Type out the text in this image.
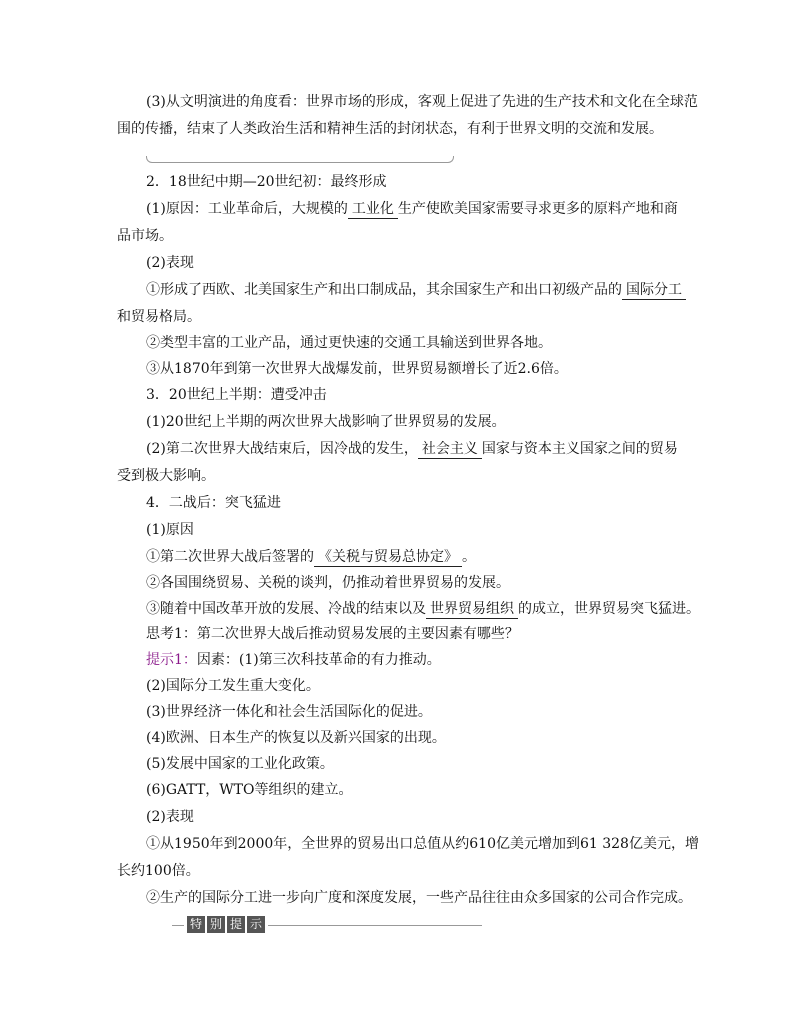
(3)从文明演进的角度看：世界市场的形成，客观上促进了先进的生产技术和文化在全球范
围的传播，结束了人类政治生活和精神生活的封闭状态，有利于世界文明的交流和发展。
2．18世纪中期—20世纪初：最终形成
(1)原因：工业革命后，大规模的 工业化 生产使欧美国家需要寻求更多的原料产地和商
品市场。
(2)表现
①形成了西欧、北美国家生产和出口制成品，其余国家生产和出口初级产品的 国际分工
和贸易格局。
②类型丰富的工业产品，通过更快速的交通工具输送到世界各地。
③从1870年到第一次世界大战爆发前，世界贸易额增长了近2.6倍。
3．20世纪上半期：遭受冲击
(1)20世纪上半期的两次世界大战影响了世界贸易的发展。
(2)第二次世界大战结束后，因冷战的发生， 社会主义 国家与资本主义国家之间的贸易
受到极大影响。
4．二战后：突飞猛进
(1)原因
①第二次世界大战后签署的 《关税与贸易总协定》 。
②各国围绕贸易、关税的谈判，仍推动着世界贸易的发展。
③随着中国改革开放的发展、冷战的结束以及 世界贸易组织 的成立，世界贸易突飞猛进。
思考1：第二次世界大战后推动贸易发展的主要因素有哪些？
提示1：因素：(1)第三次科技革命的有力推动。
(2)国际分工发生重大变化。
(3)世界经济一体化和社会生活国际化的促进。
(4)欧洲、日本生产的恢复以及新兴国家的出现。
(5)发展中国家的工业化政策。
(6)GATT，WTO等组织的建立。
(2)表现
①从1950年到2000年，全世界的贸易出口总值从约610亿美元增加到61 328亿美元，增
长约100倍。
②生产的国际分工进一步向广度和深度发展，一些产品往往由众多国家的公司合作完成。
特 别 提 示
